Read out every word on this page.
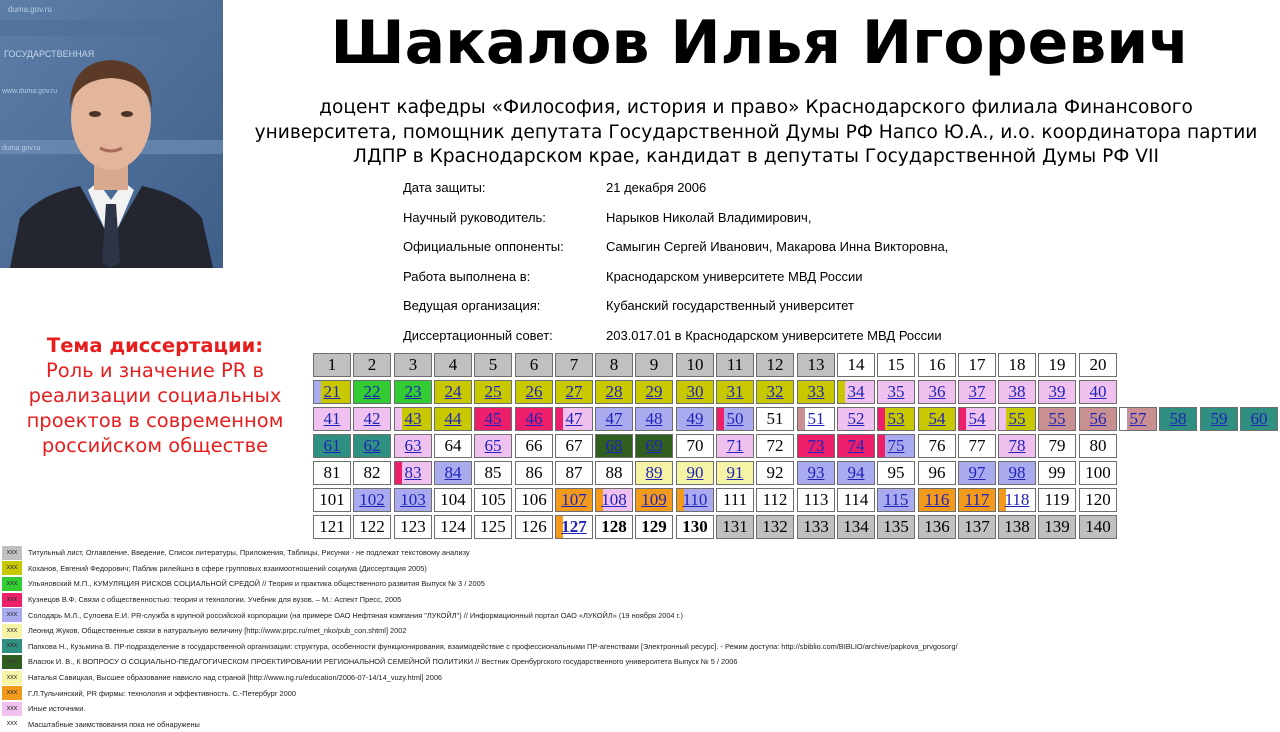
duma.gov.ru
ГОСУДАРСТВЕННАЯ
www.duma.gov.ru
duma.gov.ru
Шакалов Илья Игоревич
доцент кафедры «Философия, история и право» Краснодарского филиала Финансового
университета, помощник депутата Государственной Думы РФ Напсо Ю.А., и.о. координатора партии
ЛДПР в Краснодарском крае, кандидат в депутаты Государственной Думы РФ VII
Дата защиты:	21 декабря 2006
Научный руководитель:	Нарыков Николай Владимирович,
Официальные оппоненты:	Самыгин Сергей Иванович, Макарова Инна Викторовна,
Работа выполнена в:	Краснодарском университете МВД России
Ведущая организация:	Кубанский государственный университет
Диссертационный совет:	203.017.01 в Краснодарском университете МВД России
Тема диссертации:
Роль и значение PR в
реализации социальных
проектов в современном
российском обществе
1	2	3	4	5	6	7	8	9	10	11	12	13	14	15	16	17	18	19	20
21	22	23	24	25	26	27	28	29	30	31	32	33	34	35	36	37	38	39	40
41	42	43	44	45	46	47	47	48	49	50	51	51	52	53	54	54	55	55	56	57	58	59	60
61	62	63	64	65	66	67	68	69	70	71	72	73	74	75	76	77	78	79	80
81	82	83	84	85	86	87	88	89	90	91	92	93	94	95	96	97	98	99	100
101 102 103 104 105 106 107 108 109 110 111 112 113 114 115 116 117 118 119 120
121 122 123 124 125 126 127 128 129 130 131 132 133 134 135 136 137 138 139 140
xxx	Титульный лист, Оглавление, Введение, Список литературы, Приложения, Таблицы, Рисунки - не подлежат текстовому анализу
xxx	Коханов, Евгений Федорович; Паблик рилейшнз в сфере групповых взаимоотношений социума (Диссертация 2005)
xxx	Ульяновский М.П., КУМУЛЯЦИЯ РИСКОВ СОЦИАЛЬНОЙ СРЕДОЙ // Теория и практика общественного развития Выпуск № 3 / 2005
xxx	Кузнецов В.Ф. Связи с общественностью: теория и технологии. Учебник для вузов. – М.: Аспект Пресс, 2005
xxx	Солодарь М.Л., Сулоева Е.И. PR-служба в крупной российской корпорации (на примере ОАО Нефтяная компания "ЛУКОЙЛ") // Информационный портал ОАО «ЛУКОЙЛ» (19 ноября 2004 г.)
xxx	Леонид Жуков, Общественные связи в натуральную величину [http://www.prpc.ru/met_nko/pub_con.shtml] 2002
xxx	Папкова Н., Кузьмина В. ПР-подразделение в государственной организации: структура, особенности функционирования, взаимодействие с профессиональными ПР-агенствами [Электронный ресурс]. - Режим доступа: http://sbiblio.com/BIBLIO/archive/papkova_prvgosorg/
xxx	Власюк И. В., К ВОПРОСУ О СОЦИАЛЬНО-ПЕДАГОГИЧЕСКОМ ПРОЕКТИРОВАНИИ РЕГИОНАЛЬНОЙ СЕМЕЙНОЙ ПОЛИТИКИ // Вестник Оренбургского государственного университета Выпуск № 5 / 2006
xxx	Наталья Савицкая, Высшее образование нависло над страной [http://www.ng.ru/education/2006-07-14/14_vuzy.html] 2006
xxx	Г.Л.Тульчинский, PR фирмы: технология и эффективность. С.-Петербург 2000
xxx	Иные источники.
xxx	Масштабные заимствования пока не обнаружены
